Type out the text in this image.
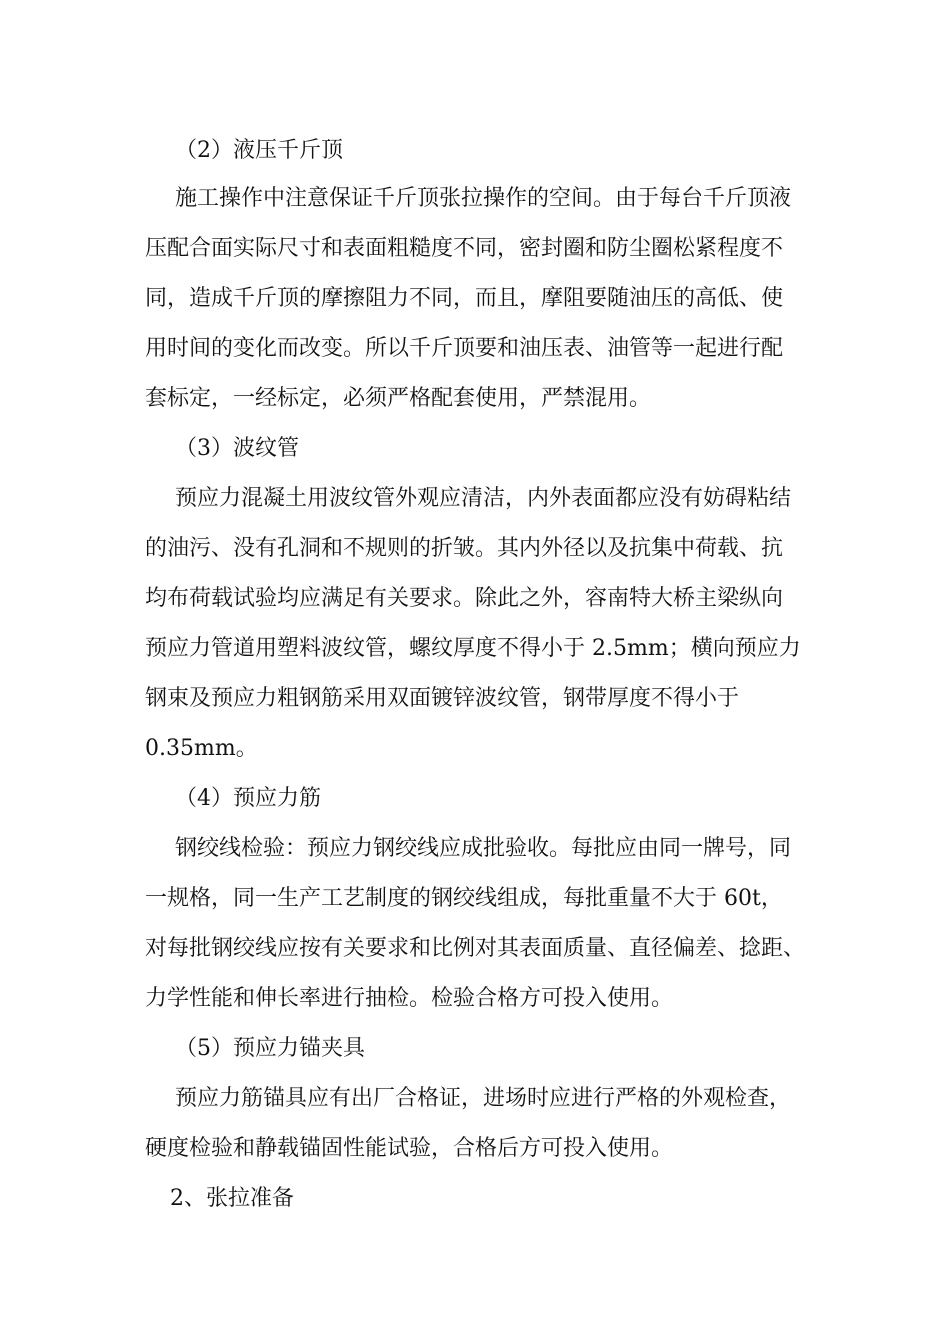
（2）液压千斤顶

施工操作中注意保证千斤顶张拉操作的空间。由于每台千斤顶液

压配合面实际尺寸和表面粗糙度不同，密封圈和防尘圈松紧程度不

同，造成千斤顶的摩擦阻力不同，而且，摩阻要随油压的高低、使

用时间的变化而改变。所以千斤顶要和油压表、油管等一起进行配

套标定，一经标定，必须严格配套使用，严禁混用。

（3）波纹管

预应力混凝土用波纹管外观应清洁，内外表面都应没有妨碍粘结

的油污、没有孔洞和不规则的折皱。其内外径以及抗集中荷载、抗

均布荷载试验均应满足有关要求。除此之外，容南特大桥主梁纵向

预应力管道用塑料波纹管，螺纹厚度不得小于 2.5mm；横向预应力

钢束及预应力粗钢筋采用双面镀锌波纹管，钢带厚度不得小于

0.35mm。

（4）预应力筋

钢绞线检验：预应力钢绞线应成批验收。每批应由同一牌号，同

一规格，同一生产工艺制度的钢绞线组成，每批重量不大于 60t，

对每批钢绞线应按有关要求和比例对其表面质量、直径偏差、捻距、

力学性能和伸长率进行抽检。检验合格方可投入使用。

（5）预应力锚夹具

预应力筋锚具应有出厂合格证，进场时应进行严格的外观检查，

硬度检验和静载锚固性能试验，合格后方可投入使用。

2、张拉准备
